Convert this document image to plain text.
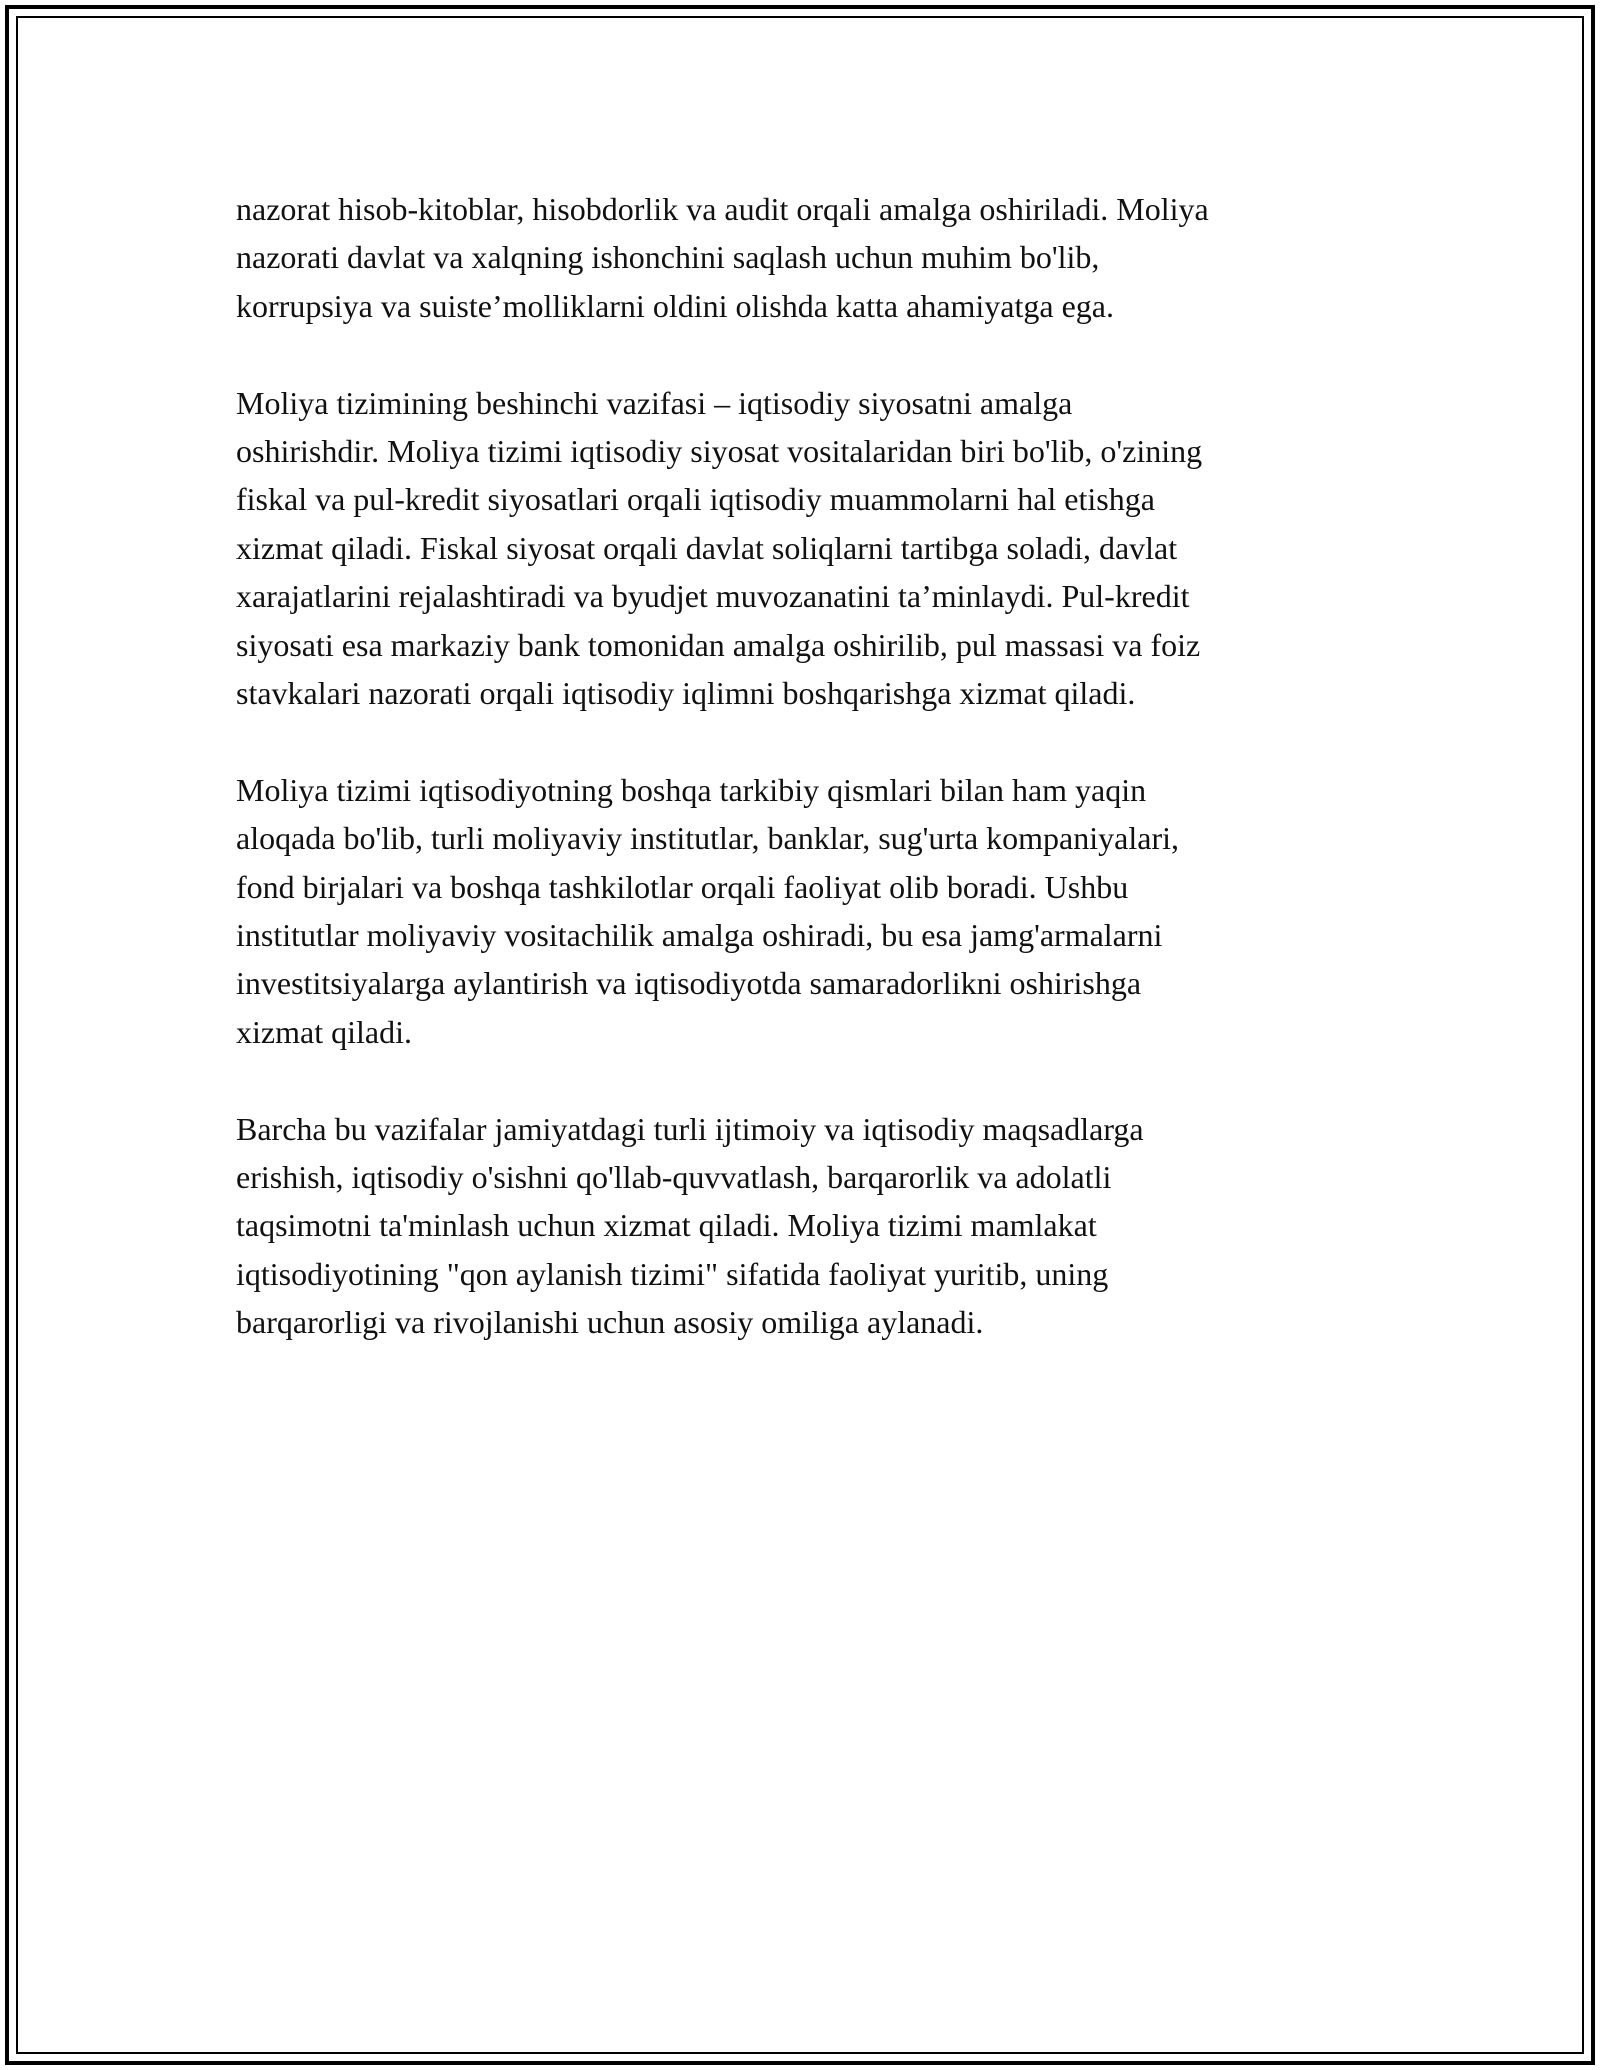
nazorat hisob-kitoblar, hisobdorlik va audit orqali amalga oshiriladi. Moliya
nazorati davlat va xalqning ishonchini saqlash uchun muhim bo'lib,
korrupsiya va suiste’molliklarni oldini olishda katta ahamiyatga ega.

Moliya tizimining beshinchi vazifasi – iqtisodiy siyosatni amalga
oshirishdir. Moliya tizimi iqtisodiy siyosat vositalaridan biri bo'lib, o'zining
fiskal va pul-kredit siyosatlari orqali iqtisodiy muammolarni hal etishga
xizmat qiladi. Fiskal siyosat orqali davlat soliqlarni tartibga soladi, davlat
xarajatlarini rejalashtiradi va byudjet muvozanatini ta’minlaydi. Pul-kredit
siyosati esa markaziy bank tomonidan amalga oshirilib, pul massasi va foiz
stavkalari nazorati orqali iqtisodiy iqlimni boshqarishga xizmat qiladi.

Moliya tizimi iqtisodiyotning boshqa tarkibiy qismlari bilan ham yaqin
aloqada bo'lib, turli moliyaviy institutlar, banklar, sug'urta kompaniyalari,
fond birjalari va boshqa tashkilotlar orqali faoliyat olib boradi. Ushbu
institutlar moliyaviy vositachilik amalga oshiradi, bu esa jamg'armalarni
investitsiyalarga aylantirish va iqtisodiyotda samaradorlikni oshirishga
xizmat qiladi.

Barcha bu vazifalar jamiyatdagi turli ijtimoiy va iqtisodiy maqsadlarga
erishish, iqtisodiy o'sishni qo'llab-quvvatlash, barqarorlik va adolatli
taqsimotni ta'minlash uchun xizmat qiladi. Moliya tizimi mamlakat
iqtisodiyotining "qon aylanish tizimi" sifatida faoliyat yuritib, uning
barqarorligi va rivojlanishi uchun asosiy omiliga aylanadi.
